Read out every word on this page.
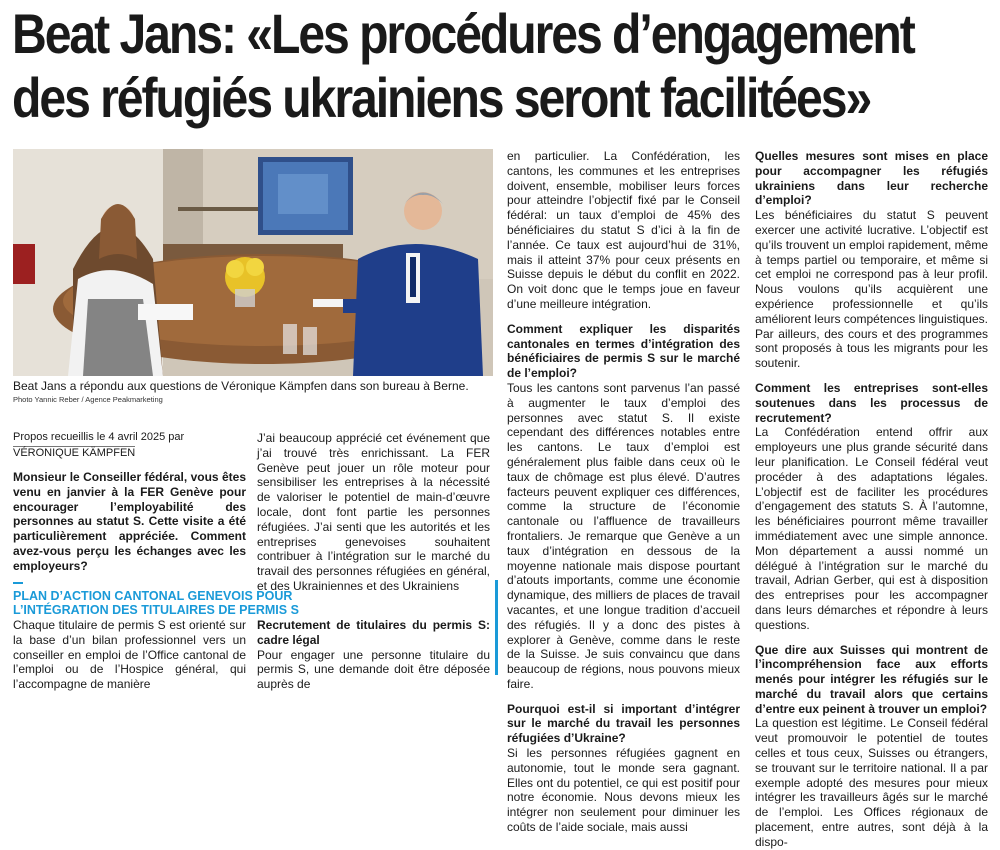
Beat Jans: «Les procédures d’engagement
des réfugiés ukrainiens seront facilitées»
Beat Jans a répondu aux questions de Véronique Kämpfen dans son bureau à Berne.
Photo Yannic Reber / Agence Peakmarketing
Propos recueillis le 4 avril 2025 par
VÉRONIQUE KÄMPFEN

Monsieur le Conseiller fédéral, vous êtes venu en janvier à la FER Genève pour encourager l’employabilité des personnes au statut S. Cette visite a été particulièrement appréciée. Comment avez-vous perçu les échanges avec les employeurs?

J’ai beaucoup apprécié cet événement que j’ai trouvé très enrichissant. La FER Genève peut jouer un rôle moteur pour sensibiliser les entreprises à la nécessité de valoriser le potentiel de main-d’œuvre locale, dont font partie les personnes réfugiées. J’ai senti que les autorités et les entreprises genevoises souhaitent contribuer à l’intégration sur le marché du travail des personnes réfugiées en général, et des Ukrainiennes et des Ukrainiens

PLAN D’ACTION CANTONAL GENEVOIS POUR L’INTÉGRATION DES TITULAIRES DE PERMIS S

Chaque titulaire de permis S est orienté sur la base d’un bilan professionnel vers un conseiller en emploi de l’Office cantonal de l’emploi ou de l’Hospice général, qui l’accompagne de manière

Recrutement de titulaires du permis S: cadre légal

Pour engager une personne titulaire du permis S, une demande doit être déposée auprès de

en particulier. La Confédération, les cantons, les communes et les entreprises doivent, ensemble, mobiliser leurs forces pour atteindre l’objectif fixé par le Conseil fédéral: un taux d’emploi de 45% des bénéficiaires du statut S d’ici à la fin de l’année. Ce taux est aujourd’hui de 31%, mais il atteint 37% pour ceux présents en Suisse depuis le début du conflit en 2022. On voit donc que le temps joue en faveur d’une meilleure intégration.

Comment expliquer les disparités cantonales en termes d’intégration des bénéficiaires de permis S sur le marché de l’emploi?

Tous les cantons sont parvenus l’an passé à augmenter le taux d’emploi des personnes avec statut S. Il existe cependant des différences notables entre les cantons. Le taux d’emploi est généralement plus faible dans ceux où le taux de chômage est plus élevé. D’autres facteurs peuvent expliquer ces différences, comme la structure de l’économie cantonale ou l’affluence de travailleurs frontaliers. Je remarque que Genève a un taux d’intégration en dessous de la moyenne nationale mais dispose pourtant d’atouts importants, comme une économie dynamique, des milliers de places de travail vacantes, et une longue tradition d’accueil des réfugiés. Il y a donc des pistes à explorer à Genève, comme dans le reste de la Suisse. Je suis convaincu que dans beaucoup de régions, nous pouvons mieux faire.

Pourquoi est-il si important d’intégrer sur le marché du travail les personnes réfugiées d’Ukraine?

Si les personnes réfugiées gagnent en autonomie, tout le monde sera gagnant. Elles ont du potentiel, ce qui est positif pour notre économie. Nous devons mieux les intégrer non seulement pour diminuer les coûts de l’aide sociale, mais aussi

Quelles mesures sont mises en place pour accompagner les réfugiés ukrainiens dans leur recherche d’emploi?

Les bénéficiaires du statut S peuvent exercer une activité lucrative. L’objectif est qu’ils trouvent un emploi rapidement, même à temps partiel ou temporaire, et même si cet emploi ne correspond pas à leur profil. Nous voulons qu’ils acquièrent une expérience professionnelle et qu’ils améliorent leurs compétences linguistiques. Par ailleurs, des cours et des programmes sont proposés à tous les migrants pour les soutenir.

Comment les entreprises sont-elles soutenues dans les processus de recrutement?

La Confédération entend offrir aux employeurs une plus grande sécurité dans leur planification. Le Conseil fédéral veut procéder à des adaptations légales. L’objectif est de faciliter les procédures d’engagement des statuts S. À l’automne, les bénéficiaires pourront même travailler immédiatement avec une simple annonce. Mon département a aussi nommé un délégué à l’intégration sur le marché du travail, Adrian Gerber, qui est à disposition des entreprises pour les accompagner dans leurs démarches et répondre à leurs questions.

Que dire aux Suisses qui montrent de l’incompréhension face aux efforts menés pour intégrer les réfugiés sur le marché du travail alors que certains d’entre eux peinent à trouver un emploi?

La question est légitime. Le Conseil fédéral veut promouvoir le potentiel de toutes celles et tous ceux, Suisses ou étrangers, se trouvant sur le territoire national. Il a par exemple adopté des mesures pour mieux intégrer les travailleurs âgés sur le marché de l’emploi. Les Offices régionaux de placement, entre autres, sont déjà à la dispo-
